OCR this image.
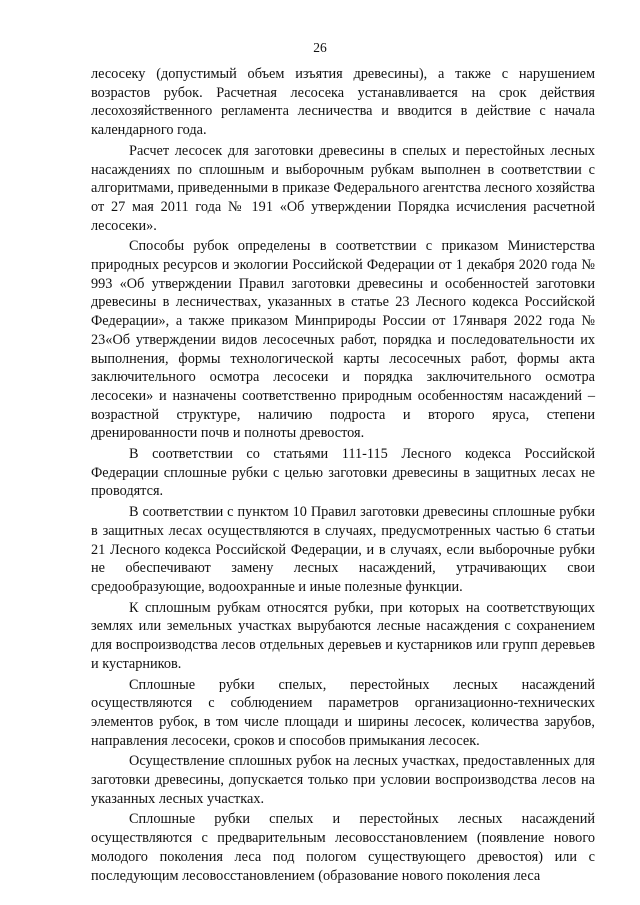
26

лесосеку (допустимый объем изъятия древесины), а также с нарушением возрастов рубок. Расчетная лесосека устанавливается на срок действия лесохозяйственного регламента лесничества и вводится в действие с начала календарного года.

Расчет лесосек для заготовки древесины в спелых и перестойных лесных насаждениях по сплошным и выборочным рубкам выполнен в соответствии с алгоритмами, приведенными в приказе Федерального агентства лесного хозяйства от 27 мая 2011 года № 191 «Об утверждении Порядка исчисления расчетной лесосеки».

Способы рубок определены в соответствии с приказом Министерства природных ресурсов и экологии Российской Федерации от 1 декабря 2020 года № 993 «Об утверждении Правил заготовки древесины и особенностей заготовки древесины в лесничествах, указанных в статье 23 Лесного кодекса Российской Федерации», а также приказом Минприроды России от 17января 2022 года № 23«Об утверждении видов лесосечных работ, порядка и последовательности их выполнения, формы технологической карты лесосечных работ, формы акта заключительного осмотра лесосеки и порядка заключительного осмотра лесосеки» и назначены соответственно природным особенностям насаждений – возрастной структуре, наличию подроста и второго яруса, степени дренированности почв и полноты древостоя.

В соответствии со статьями 111-115 Лесного кодекса Российской Федерации сплошные рубки с целью заготовки древесины в защитных лесах не проводятся.

В соответствии с пунктом 10 Правил заготовки древесины сплошные рубки в защитных лесах осуществляются в случаях, предусмотренных частью 6 статьи 21 Лесного кодекса Российской Федерации, и в случаях, если выборочные рубки не обеспечивают замену лесных насаждений, утрачивающих свои средообразующие, водоохранные и иные полезные функции.

К сплошным рубкам относятся рубки, при которых на соответствующих землях или земельных участках вырубаются лесные насаждения с сохранением для воспроизводства лесов отдельных деревьев и кустарников или групп деревьев и кустарников.

Сплошные рубки спелых, перестойных лесных насаждений осуществляются с соблюдением параметров организационно-технических элементов рубок, в том числе площади и ширины лесосек, количества зарубов, направления лесосеки, сроков и способов примыкания лесосек.

Осуществление сплошных рубок на лесных участках, предоставленных для заготовки древесины, допускается только при условии воспроизводства лесов на указанных лесных участках.

Сплошные рубки спелых и перестойных лесных насаждений осуществляются с предварительным лесовосстановлением (появление нового молодого поколения леса под пологом существующего древостоя) или с последующим лесовосстановлением (образование нового поколения леса
